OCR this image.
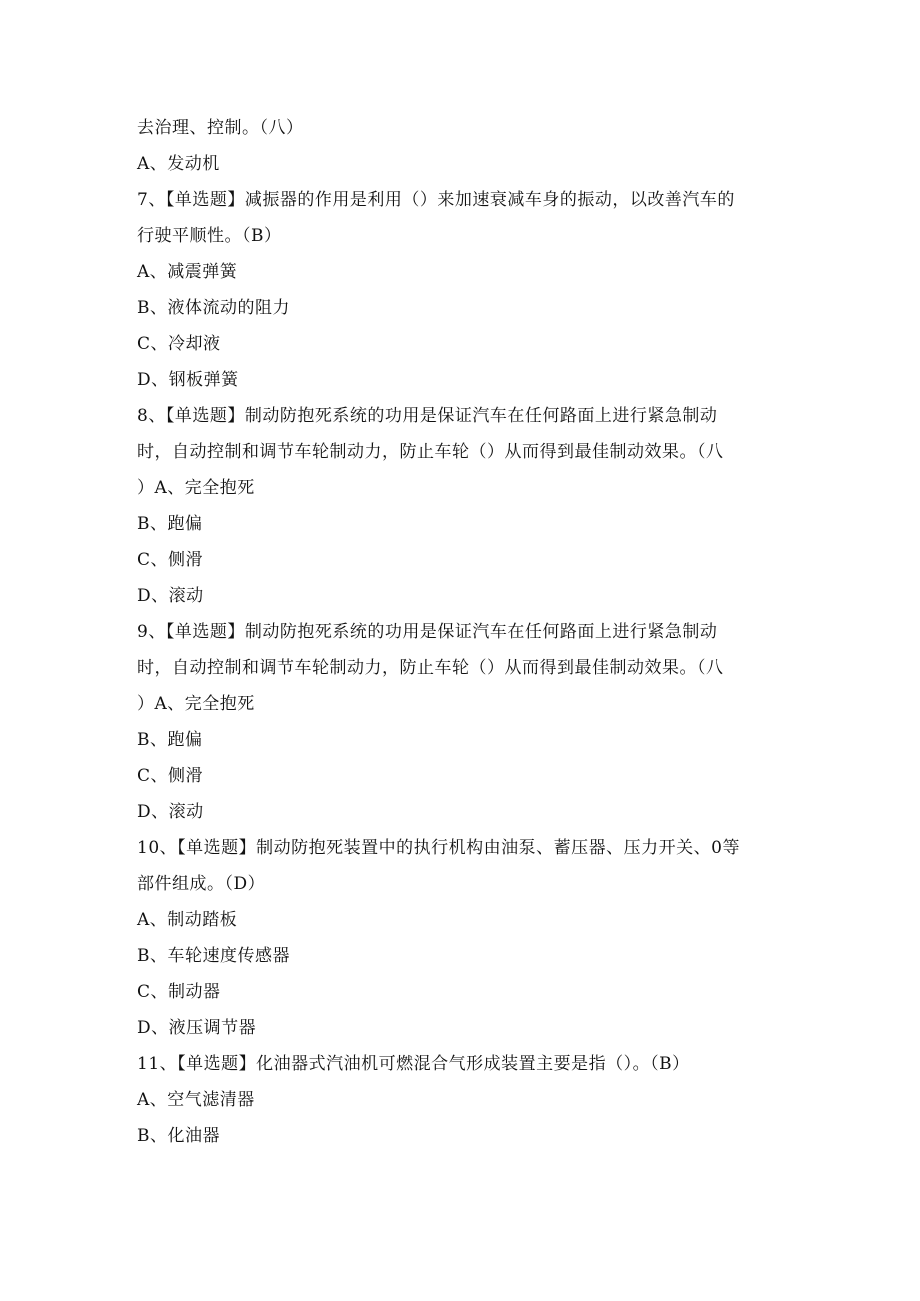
去治理、控制。（八）
A、发动机
7、【单选题】减振器的作用是利用（）来加速衰减车身的振动，以改善汽车的
行驶平顺性。（B）
A、减震弹簧
B、液体流动的阻力
C、冷却液
D、钢板弹簧
8、【单选题】制动防抱死系统的功用是保证汽车在任何路面上进行紧急制动
时，自动控制和调节车轮制动力，防止车轮（）从而得到最佳制动效果。（八
）A、完全抱死
B、跑偏
C、侧滑
D、滚动
9、【单选题】制动防抱死系统的功用是保证汽车在任何路面上进行紧急制动
时，自动控制和调节车轮制动力，防止车轮（）从而得到最佳制动效果。（八
）A、完全抱死
B、跑偏
C、侧滑
D、滚动
10、【单选题】制动防抱死装置中的执行机构由油泵、蓄压器、压力开关、0等
部件组成。（D）
A、制动踏板
B、车轮速度传感器
C、制动器
D、液压调节器
11、【单选题】化油器式汽油机可燃混合气形成装置主要是指（）。（B）
A、空气滤清器
B、化油器
